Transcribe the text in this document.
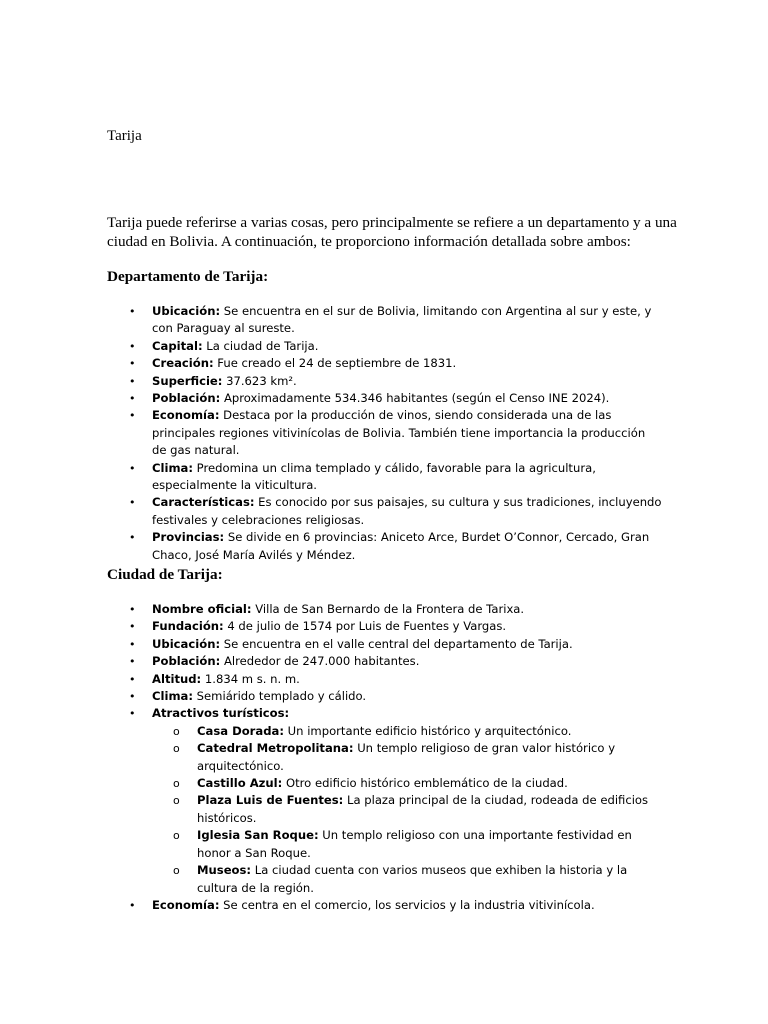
Tarija

Tarija puede referirse a varias cosas, pero principalmente se refiere a un departamento y a una ciudad en Bolivia. A continuación, te proporciono información detallada sobre ambos:

Departamento de Tarija:
• Ubicación: Se encuentra en el sur de Bolivia, limitando con Argentina al sur y este, y con Paraguay al sureste.
• Capital: La ciudad de Tarija.
• Creación: Fue creado el 24 de septiembre de 1831.
• Superficie: 37.623 km².
• Población: Aproximadamente 534.346 habitantes (según el Censo INE 2024).
• Economía: Destaca por la producción de vinos, siendo considerada una de las principales regiones vitivinícolas de Bolivia. También tiene importancia la producción de gas natural.
• Clima: Predomina un clima templado y cálido, favorable para la agricultura, especialmente la viticultura.
• Características: Es conocido por sus paisajes, su cultura y sus tradiciones, incluyendo festivales y celebraciones religiosas.
• Provincias: Se divide en 6 provincias: Aniceto Arce, Burdet O’Connor, Cercado, Gran Chaco, José María Avilés y Méndez.
Ciudad de Tarija:
• Nombre oficial: Villa de San Bernardo de la Frontera de Tarixa.
• Fundación: 4 de julio de 1574 por Luis de Fuentes y Vargas.
• Ubicación: Se encuentra en el valle central del departamento de Tarija.
• Población: Alrededor de 247.000 habitantes.
• Altitud: 1.834 m s. n. m.
• Clima: Semiárido templado y cálido.
• Atractivos turísticos:
o Casa Dorada: Un importante edificio histórico y arquitectónico.
o Catedral Metropolitana: Un templo religioso de gran valor histórico y arquitectónico.
o Castillo Azul: Otro edificio histórico emblemático de la ciudad.
o Plaza Luis de Fuentes: La plaza principal de la ciudad, rodeada de edificios históricos.
o Iglesia San Roque: Un templo religioso con una importante festividad en honor a San Roque.
o Museos: La ciudad cuenta con varios museos que exhiben la historia y la cultura de la región.
• Economía: Se centra en el comercio, los servicios y la industria vitivinícola.
